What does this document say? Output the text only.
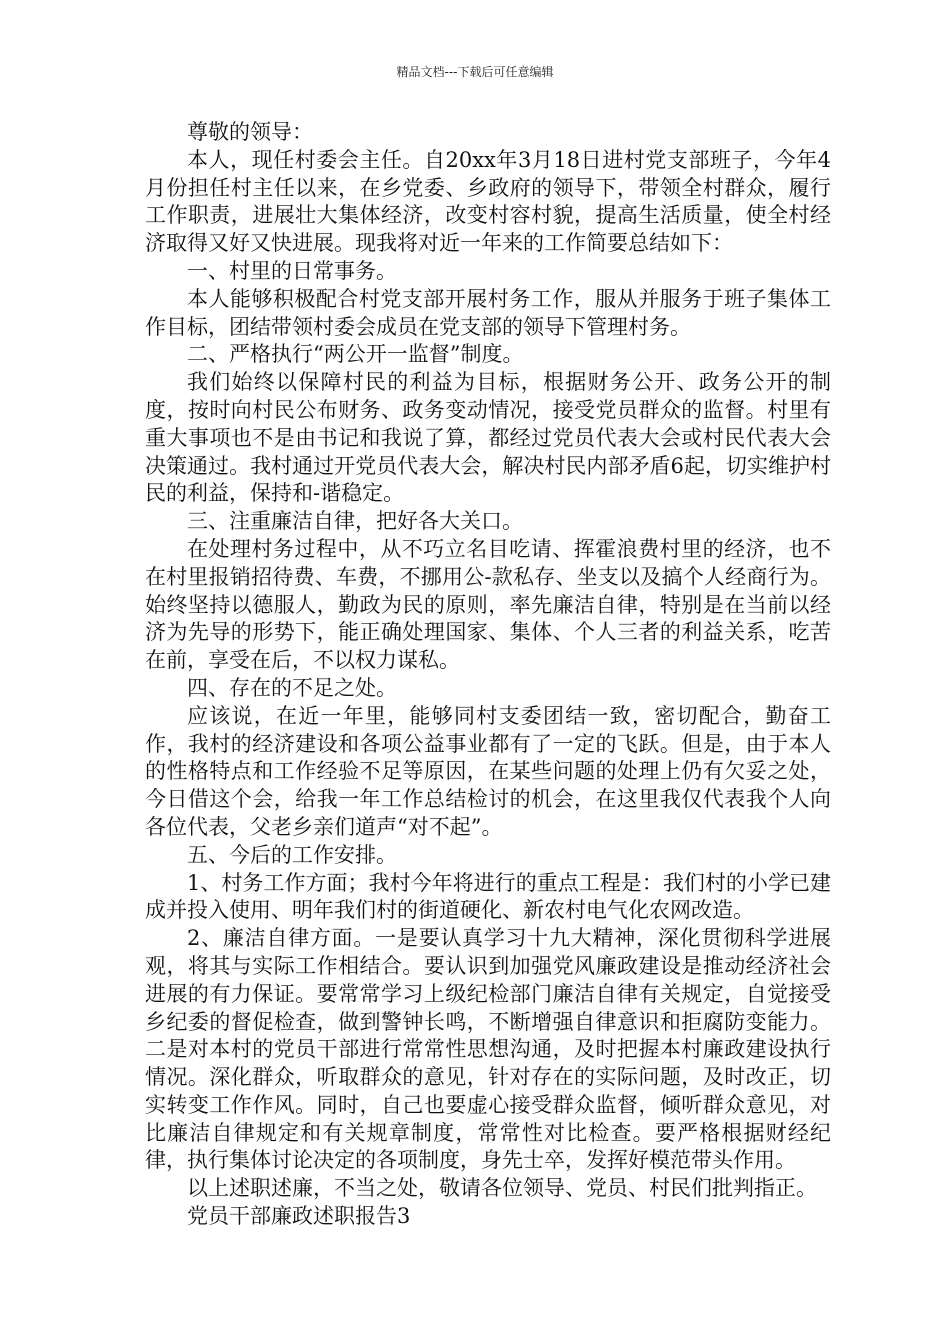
精品文档---下载后可任意编辑

尊敬的领导：

本人，现任村委会主任。自20xx年3月18日进村党支部班子，今年4月份担任村主任以来，在乡党委、乡政府的领导下，带领全村群众，履行工作职责，进展壮大集体经济，改变村容村貌，提高生活质量，使全村经济取得又好又快进展。现我将对近一年来的工作简要总结如下：

一、村里的日常事务。

本人能够积极配合村党支部开展村务工作，服从并服务于班子集体工作目标，团结带领村委会成员在党支部的领导下管理村务。

二、严格执行“两公开一监督”制度。

我们始终以保障村民的利益为目标，根据财务公开、政务公开的制度，按时向村民公布财务、政务变动情况，接受党员群众的监督。村里有重大事项也不是由书记和我说了算，都经过党员代表大会或村民代表大会决策通过。我村通过开党员代表大会，解决村民内部矛盾6起，切实维护村民的利益，保持和-谐稳定。

三、注重廉洁自律，把好各大关口。

在处理村务过程中，从不巧立名目吃请、挥霍浪费村里的经济，也不在村里报销招待费、车费，不挪用公-款私存、坐支以及搞个人经商行为。始终坚持以德服人，勤政为民的原则，率先廉洁自律，特别是在当前以经济为先导的形势下，能正确处理国家、集体、个人三者的利益关系，吃苦在前，享受在后，不以权力谋私。

四、存在的不足之处。

应该说，在近一年里，能够同村支委团结一致，密切配合，勤奋工作，我村的经济建设和各项公益事业都有了一定的飞跃。但是，由于本人的性格特点和工作经验不足等原因，在某些问题的处理上仍有欠妥之处，今日借这个会，给我一年工作总结检讨的机会，在这里我仅代表我个人向各位代表，父老乡亲们道声“对不起”。

五、今后的工作安排。

1、村务工作方面；我村今年将进行的重点工程是：我们村的小学已建成并投入使用、明年我们村的街道硬化、新农村电气化农网改造。

2、廉洁自律方面。一是要认真学习十九大精神，深化贯彻科学进展观，将其与实际工作相结合。要认识到加强党风廉政建设是推动经济社会进展的有力保证。要常常学习上级纪检部门廉洁自律有关规定，自觉接受乡纪委的督促检查，做到警钟长鸣，不断增强自律意识和拒腐防变能力。二是对本村的党员干部进行常常性思想沟通，及时把握本村廉政建设执行情况。深化群众，听取群众的意见，针对存在的实际问题，及时改正，切实转变工作作风。同时，自己也要虚心接受群众监督，倾听群众意见，对比廉洁自律规定和有关规章制度，常常性对比检查。要严格根据财经纪律，执行集体讨论决定的各项制度，身先士卒，发挥好模范带头作用。

以上述职述廉，不当之处，敬请各位领导、党员、村民们批判指正。

党员干部廉政述职报告3
